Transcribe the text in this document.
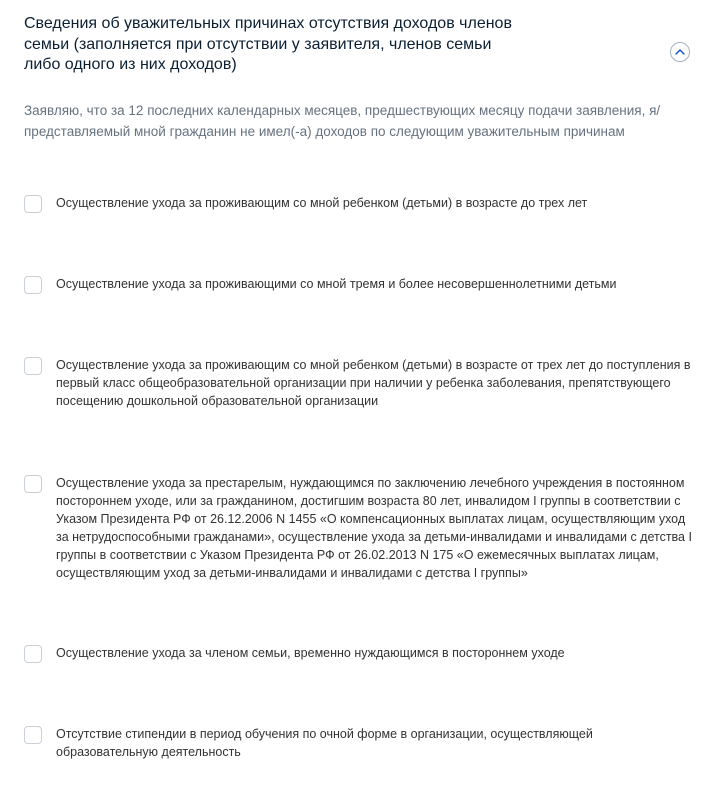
Сведения об уважительных причинах отсутствия доходов членов семьи (заполняется при отсутствии у заявителя, членов семьи либо одного из них доходов)

Заявляю, что за 12 последних календарных месяцев, предшествующих месяцу подачи заявления, я/представляемый мной гражданин не имел(-а) доходов по следующим уважительным причинам

Осуществление ухода за проживающим со мной ребенком (детьми) в возрасте до трех лет
Осуществление ухода за проживающими со мной тремя и более несовершеннолетними детьми
Осуществление ухода за проживающим со мной ребенком (детьми) в возрасте от трех лет до поступления в первый класс общеобразовательной организации при наличии у ребенка заболевания, препятствующего посещению дошкольной образовательной организации
Осуществление ухода за престарелым, нуждающимся по заключению лечебного учреждения в постоянном постороннем уходе, или за гражданином, достигшим возраста 80 лет, инвалидом I группы в соответствии с Указом Президента РФ от 26.12.2006 N 1455 «О компенсационных выплатах лицам, осуществляющим уход за нетрудоспособными гражданами», осуществление ухода за детьми-инвалидами и инвалидами с детства I группы в соответствии с Указом Президента РФ от 26.02.2013 N 175 «О ежемесячных выплатах лицам, осуществляющим уход за детьми-инвалидами и инвалидами с детства I группы»
Осуществление ухода за членом семьи, временно нуждающимся в постороннем уходе
Отсутствие стипендии в период обучения по очной форме в организации, осуществляющей образовательную деятельность
